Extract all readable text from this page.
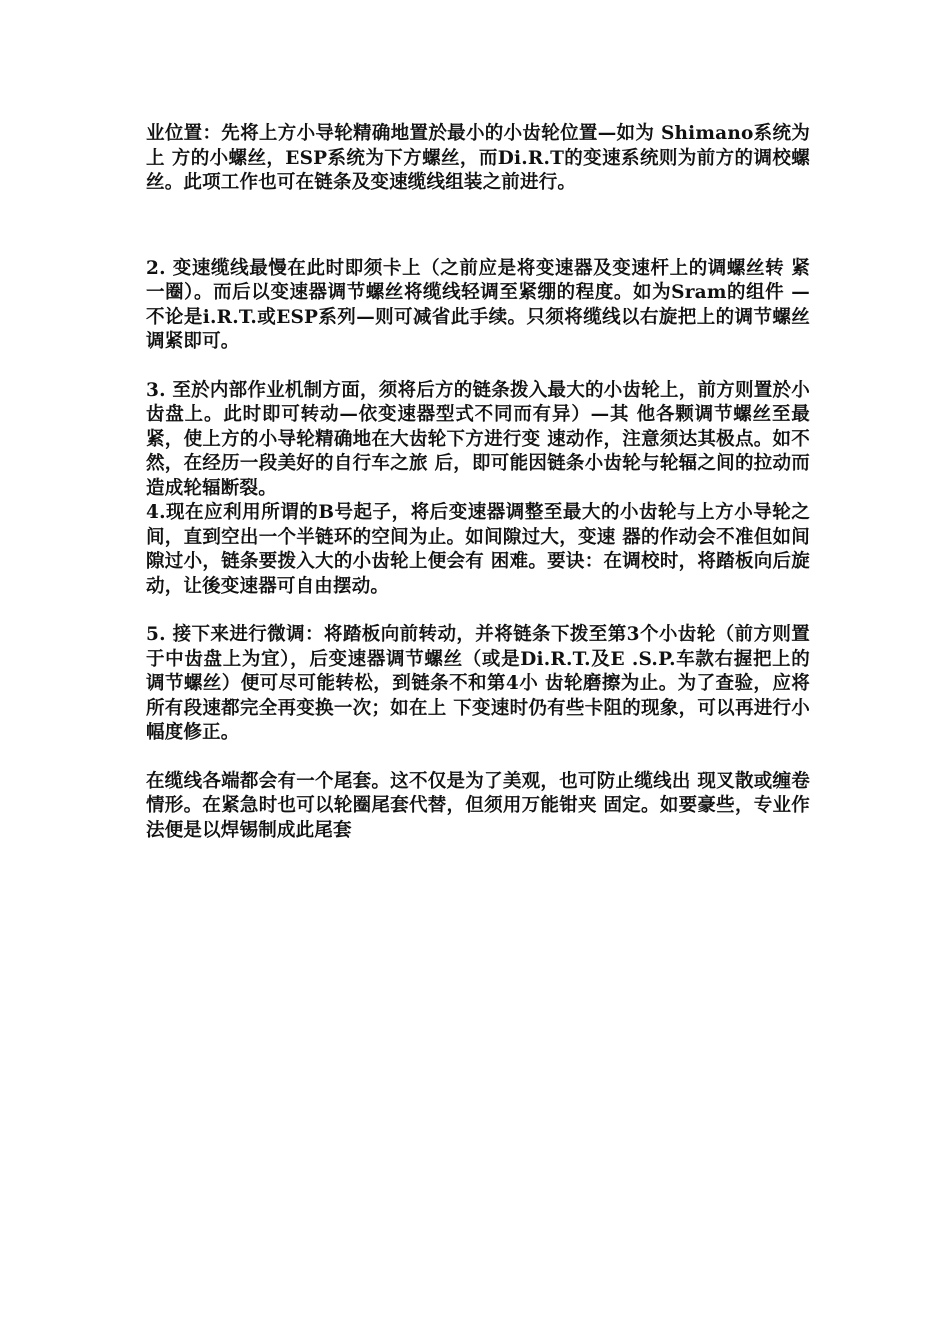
业位置：先将上方小导轮精确地置於最小的小齿轮位置—如为 Shimano系统为上 方的小螺丝，ESP系统为下方螺丝，而Di.R.T的变速系统则为前方的调校螺丝。此项工作也可在链条及变速缆线组装之前进行。

2. 变速缆线最慢在此时即须卡上（之前应是将变速器及变速杆上的调螺丝转 紧一圈）。而后以变速器调节螺丝将缆线轻调至紧绷的程度。如为Sram的组件 —不论是i.R.T.或ESP系列—则可减省此手续。只须将缆线以右旋把上的调节螺丝调紧即可。

3. 至於内部作业机制方面，须将后方的链条拨入最大的小齿轮上，前方则置於小齿盘上。此时即可转动—依变速器型式不同而有异）—其 他各颗调节螺丝至最紧，使上方的小导轮精确地在大齿轮下方进行变 速动作，注意须达其极点。如不然，在经历一段美好的自行车之旅 后，即可能因链条小齿轮与轮辐之间的拉动而造成轮辐断裂。

4.现在应利用所谓的B号起子，将后变速器调整至最大的小齿轮与上方小导轮之间，直到空出一个半链环的空间为止。如间隙过大，变速 器的作动会不准但如间隙过小，链条要拨入大的小齿轮上便会有 困难。要诀：在调校时，将踏板向后旋动，让後变速器可自由摆动。

5. 接下来进行微调：将踏板向前转动，并将链条下拨至第3个小齿轮（前方则置于中齿盘上为宜），后变速器调节螺丝（或是Di.R.T.及E .S.P.车款右握把上的调节螺丝）便可尽可能转松，到链条不和第4小 齿轮磨擦为止。为了查验，应将所有段速都完全再变换一次；如在上 下变速时仍有些卡阻的现象，可以再进行小幅度修正。

在缆线各端都会有一个尾套。这不仅是为了美观，也可防止缆线出 现叉散或缠卷情形。在紧急时也可以轮圈尾套代替，但须用万能钳夹 固定。如要豪些，专业作法便是以焊锡制成此尾套
